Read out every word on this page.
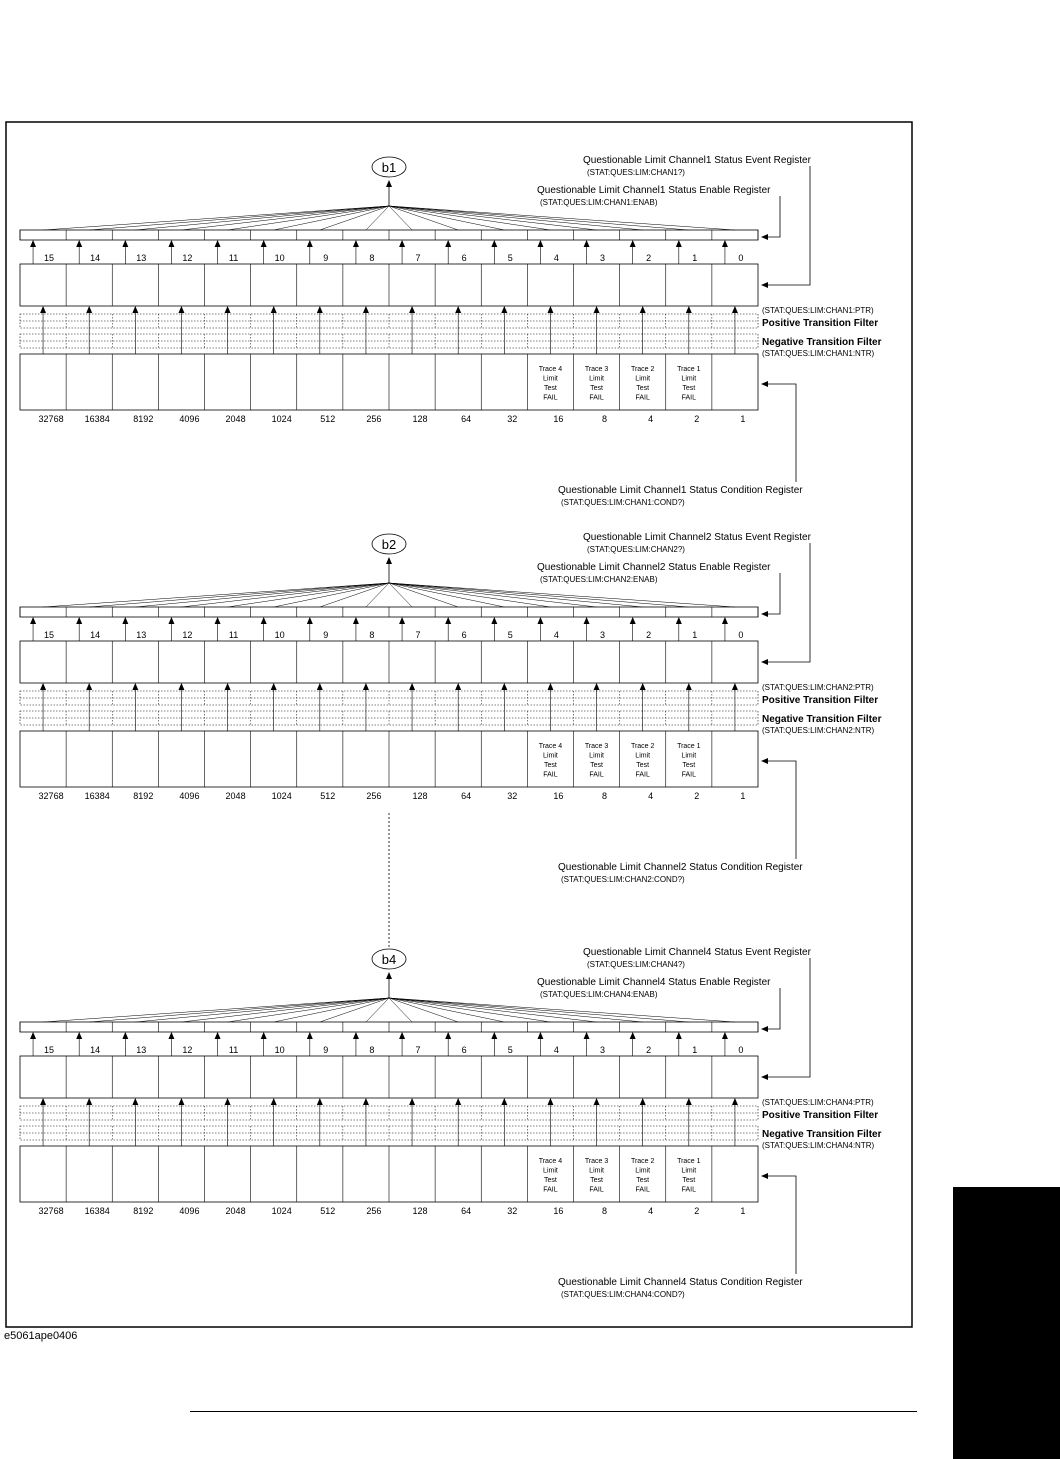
b1
15	14	13	12	11	10	9	8	7	6	5	4	3	2	1	0
Trace 4
Limit
Test
FAIL
Trace 3
Limit
Test
FAIL
Trace 2
Limit
Test
FAIL
Trace 1
Limit
Test
FAIL
32768 16384	8192	4096	2048	1024	512	256	128	64	32	16	8	4	2	1
Questionable Limit Channel1 Status Event Register
(STAT:QUES:LIM:CHAN1?)
Questionable Limit Channel1 Status Enable Register
(STAT:QUES:LIM:CHAN1:ENAB)
(STAT:QUES:LIM:CHAN1:PTR)
Positive Transition Filter
Negative Transition Filter
(STAT:QUES:LIM:CHAN1:NTR)
Questionable Limit Channel1 Status Condition Register
(STAT:QUES:LIM:CHAN1:COND?)
b2
15	14	13	12	11	10	9	8	7	6	5	4	3	2	1	0
Trace 4
Limit
Test
FAIL
Trace 3
Limit
Test
FAIL
Trace 2
Limit
Test
FAIL
Trace 1
Limit
Test
FAIL
32768 16384	8192	4096	2048	1024	512	256	128	64	32	16	8	4	2	1
Questionable Limit Channel2 Status Event Register
(STAT:QUES:LIM:CHAN2?)
Questionable Limit Channel2 Status Enable Register
(STAT:QUES:LIM:CHAN2:ENAB)
(STAT:QUES:LIM:CHAN2:PTR)
Positive Transition Filter
Negative Transition Filter
(STAT:QUES:LIM:CHAN2:NTR)
Questionable Limit Channel2 Status Condition Register
(STAT:QUES:LIM:CHAN2:COND?)
b4
15	14	13	12	11	10	9	8	7	6	5	4	3	2	1	0
Trace 4
Limit
Test
FAIL
Trace 3
Limit
Test
FAIL
Trace 2
Limit
Test
FAIL
Trace 1
Limit
Test
FAIL
32768 16384	8192	4096	2048	1024	512	256	128	64	32	16	8	4	2	1
Questionable Limit Channel4 Status Event Register
(STAT:QUES:LIM:CHAN4?)
Questionable Limit Channel4 Status Enable Register
(STAT:QUES:LIM:CHAN4:ENAB)
(STAT:QUES:LIM:CHAN4:PTR)
Positive Transition Filter
Negative Transition Filter
(STAT:QUES:LIM:CHAN4:NTR)
Questionable Limit Channel4 Status Condition Register
(STAT:QUES:LIM:CHAN4:COND?)
e5061ape0406
